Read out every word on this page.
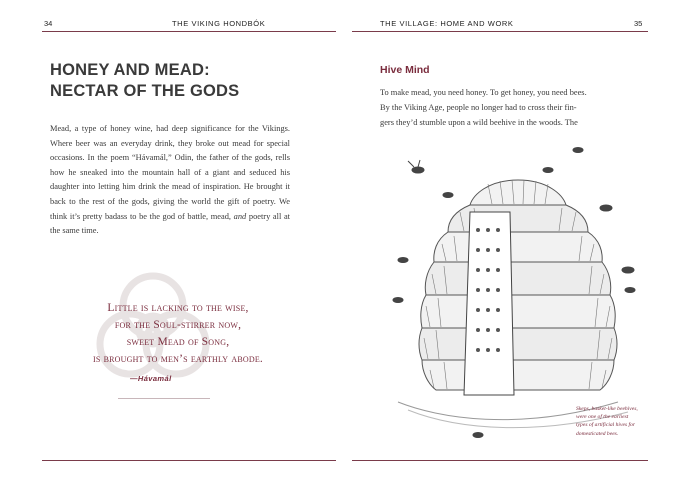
34	THE VIKING HONDBÓK	THE VILLAGE: HOME AND WORK	35
HONEY AND MEAD:
NECTAR OF THE GODS

Mead, a type of honey wine, had deep significance for the Vikings. Where beer was an everyday drink, they broke out mead for special occasions. In the poem “Hávamál,” Odin, the father of the gods, rells how he sneaked into the mountain hall of a giant and seduced his daughter into letting him drink the mead of inspiration. He brought it back to the rest of the gods, giving the world the gift of poetry. We think it’s pretty badass to be the god of battle, mead, and poetry all at the same time.

Little is lacking to the wise,
for the Soul-stirrer now,
sweet Mead of Song,
is brought to men’s earthly abode.
—Hávamál
Hive Mind
To make mead, you need honey. To get honey, you need bees.
By the Viking Age, people no longer had to cross their fin-
gers they’d stumble upon a wild beehive in the woods. The
Skeps, basket-like beehives,
were one of the earliest
types of artificial hives for
domesticated bees.
